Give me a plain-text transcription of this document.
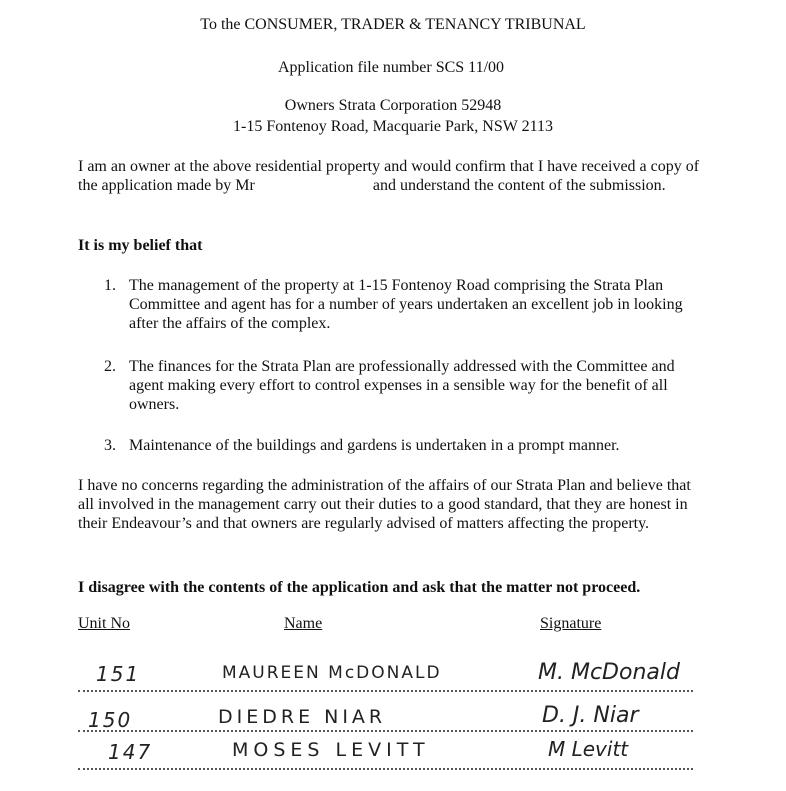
To the CONSUMER, TRADER & TENANCY TRIBUNAL
Application file number SCS 11/00
Owners Strata Corporation 52948
1-15 Fontenoy Road, Macquarie Park, NSW 2113

I am an owner at the above residential property and would confirm that I have received a copy of the application made by Mr	and understand the content of the submission.

It is my belief that
1. The management of the property at 1-15 Fontenoy Road comprising the Strata Plan Committee and agent has for a number of years undertaken an excellent job in looking after the affairs of the complex.
2. The finances for the Strata Plan are professionally addressed with the Committee and agent making every effort to control expenses in a sensible way for the benefit of all owners.
3. Maintenance of the buildings and gardens is undertaken in a prompt manner.

I have no concerns regarding the administration of the affairs of our Strata Plan and believe that all involved in the management carry out their duties to a good standard, that they are honest in their Endeavour’s and that owners are regularly advised of matters affecting the property.

I disagree with the contents of the application and ask that the matter not proceed.
Unit No	Name	Signature
151	MAUREEN McDONALD	M. McDonald
150	DIEDRE NIAR	D. J. Niar
147	MOSES LEVITT	M Levitt
